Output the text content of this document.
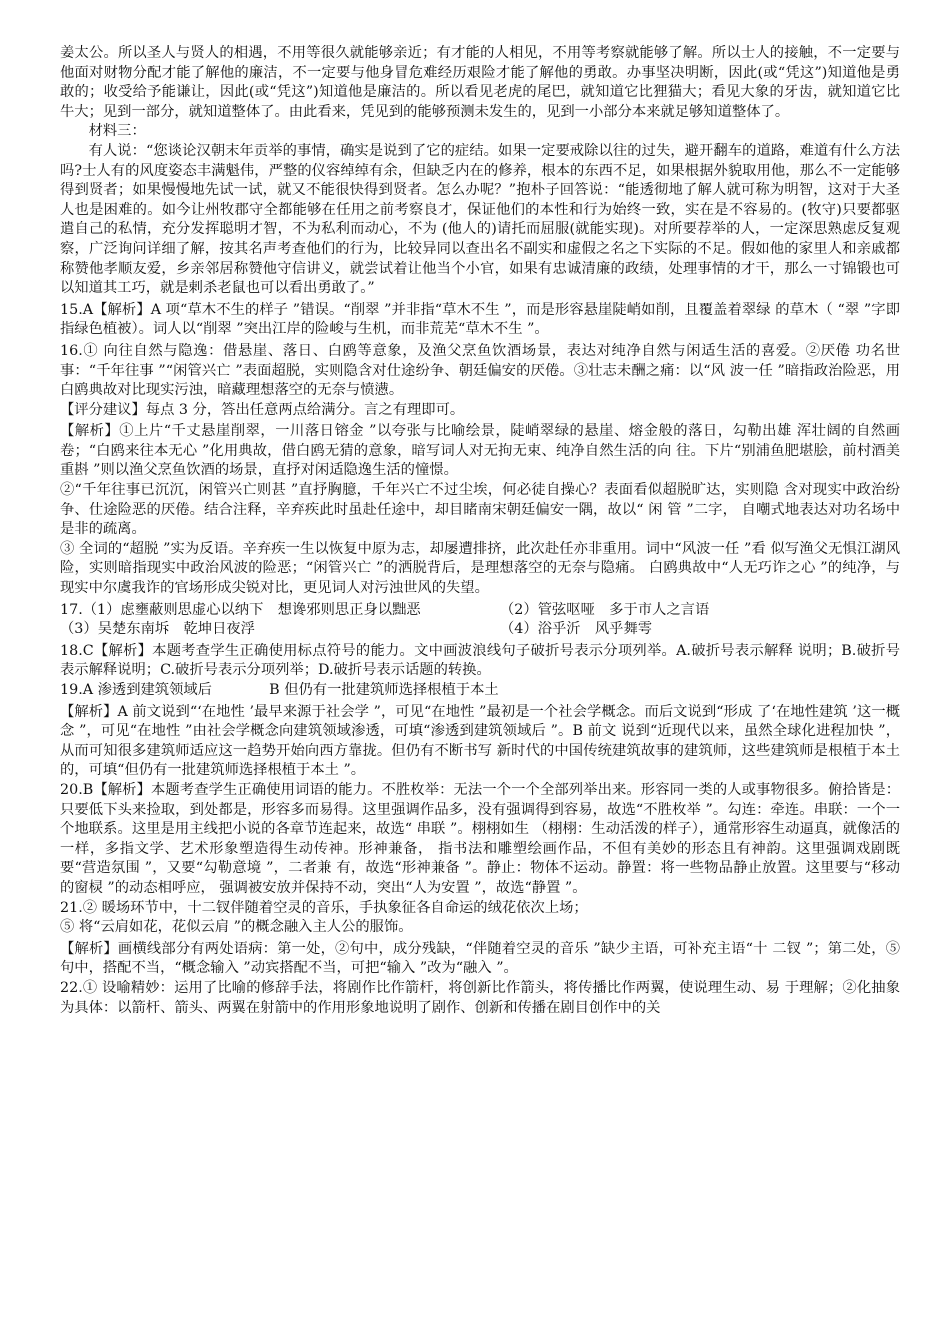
姜太公。所以圣人与贤人的相遇，不用等很久就能够亲近；有才能的人相见，不用等考察就能够了解。所以士人的接触，不一定要与他面对财物分配才能了解他的廉洁，不一定要与他身冒危难经历艰险才能了解他的勇敢。办事坚决明断，因此(或“凭这”)知道他是勇敢的；收受给予能谦让，因此(或“凭这”)知道他是廉洁的。所以看见老虎的尾巴，就知道它比狸猫大；看见大象的牙齿，就知道它比牛大；见到一部分，就知道整体了。由此看来，凭见到的能够预测未发生的，见到一小部分本来就足够知道整体了。

材料三：

有人说：“您谈论汉朝末年贡举的事情，确实是说到了它的症结。如果一定要戒除以往的过失，避开翻车的道路，难道有什么方法吗?士人有的风度姿态丰满魁伟，严整的仪容绰绰有余，但缺乏内在的修养，根本的东西不足，如果根据外貌取用他，那么不一定能够得到贤者；如果慢慢地先试一试，就又不能很快得到贤者。怎么办呢？”抱朴子回答说：“能透彻地了解人就可称为明智，这对于大圣人也是困难的。如今让州牧郡守全都能够在任用之前考察良才，保证他们的本性和行为始终一致，实在是不容易的。(牧守)只要都驱遣自己的私情，充分发挥聪明才智，不为私利而动心，不为 (他人的)请托而屈服(就能实现)。对所要荐举的人，一定深思熟虑反复观察，广泛询问详细了解，按其名声考查他们的行为，比较异同以查出名不副实和虚假之名之下实际的不足。假如他的家里人和亲戚都称赞他孝顺友爱，乡亲邻居称赞他守信讲义，就尝试着让他当个小官，如果有忠诚清廉的政绩，处理事情的才干，那么一寸锦锻也可以知道其工巧，就是剌杀老鼠也可以看出勇敢了。”

15.A【解析】A 项“草木不生的样子 ”错误。“削翠 ”并非指“草木不生 ”，而是形容悬崖陡峭如削，且覆盖着翠绿 的草木（ “翠 ”字即指绿色植被）。词人以“削翠 ”突出江岸的险峻与生机，而非荒芜“草木不生 ”。

16.① 向往自然与隐逸：借悬崖、落日、白鸥等意象，及渔父烹鱼饮酒场景，表达对纯净自然与闲适生活的喜爱。②厌倦 功名世事：“千年往事 ”“闲管兴亡 ”表面超脱，实则隐含对仕途纷争、朝廷偏安的厌倦。③壮志未酬之痛：以“风 波一任 ”暗指政治险恶，用白鸥典故对比现实污浊，暗藏理想落空的无奈与愤懑。

【评分建议】每点 3 分，答出任意两点给满分。言之有理即可。

【解析】①上片“千丈悬崖削翠，一川落日镕金 ”以夸张与比喻绘景，陡峭翠绿的悬崖、熔金般的落日，勾勒出雄 浑壮阔的自然画卷；“白鸥来往本无心 ”化用典故，借白鸥无猜的意象，暗写词人对无拘无束、纯净自然生活的向 往。下片“别浦鱼肥堪脍，前村酒美重斟 ”则以渔父烹鱼饮酒的场景，直抒对闲适隐逸生活的憧憬。

②“千年往事已沉沉，闲管兴亡则甚 ”直抒胸臆，千年兴亡不过尘埃，何必徒自操心？表面看似超脱旷达，实则隐 含对现实中政治纷争、仕途险恶的厌倦。结合注释，辛弃疾此时虽赴任途中，却目睹南宋朝廷偏安一隅，故以“ 闲 管 ”二字， 自嘲式地表达对功名场中是非的疏离。

③ 全词的“超脱 ”实为反语。辛弃疾一生以恢复中原为志，却屡遭排挤，此次赴任亦非重用。词中“风波一任 ”看 似写渔父无惧江湖风险，实则暗指现实中政治风波的险恶；“闲管兴亡 ”的洒脱背后，是理想落空的无奈与隐痛。 白鸥典故中“人无巧诈之心 ”的纯净，与现实中尔虞我诈的官场形成尖锐对比，更见词人对污浊世风的失望。

17.（1）虑壅蔽则思虚心以纳下　想谗邪则思正身以黜恶	（2）管弦呕哑　多于市人之言语
（3）吴楚东南坼　乾坤日夜浮	（4）浴乎沂　风乎舞雩

18.C【解析】本题考查学生正确使用标点符号的能力。文中画波浪线句子破折号表示分项列举。A.破折号表示解释 说明；B.破折号表示解释说明；C.破折号表示分项列举；D.破折号表示话题的转换。

19.A 渗透到建筑领域后　　　　B 但仍有一批建筑师选择根植于本土

【解析】A 前文说到“‘在地性 ’最早来源于社会学 ”，可见“在地性 ”最初是一个社会学概念。而后文说到“形成 了‘在地性建筑 ’这一概念 ”，可见“在地性 ”由社会学概念向建筑领域渗透，可填“渗透到建筑领域后 ”。B 前文 说到“近现代以来，虽然全球化进程加快 ”，从而可知很多建筑师适应这一趋势开始向西方靠拢。但仍有不断书写 新时代的中国传统建筑故事的建筑师，这些建筑师是根植于本土的，可填“但仍有一批建筑师选择根植于本土 ”。

20.B【解析】本题考查学生正确使用词语的能力。不胜枚举：无法一个一个全部列举出来。形容同一类的人或事物很多。俯拾皆是：只要低下头来捡取，到处都是，形容多而易得。这里强调作品多，没有强调得到容易，故选“不胜枚举 ”。勾连：牵连。串联：一个一个地联系。这里是用主线把小说的各章节连起来，故选“ 串联 ”。栩栩如生 （栩栩：生动活泼的样子），通常形容生动逼真，就像活的一样，多指文学、艺术形象塑造得生动传神。形神兼备， 指书法和雕塑绘画作品，不但有美妙的形态且有神韵。这里强调戏剧既要“营造氛围 ”，又要“勾勒意境 ”，二者兼 有，故选“形神兼备 ”。静止：物体不运动。静置：将一些物品静止放置。这里要与“移动的窗棂 ”的动态相呼应， 强调被安放并保持不动，突出“人为安置 ”，故选“静置 ”。

21.② 暖场环节中，十二钗伴随着空灵的音乐，手执象征各自命运的绒花依次上场；

⑤ 将“云肩如花，花似云肩 ”的概念融入主人公的服饰。

【解析】画横线部分有两处语病：第一处，②句中，成分残缺，“伴随着空灵的音乐 ”缺少主语，可补充主语“十 二钗 ”；第二处，⑤句中，搭配不当，“概念输入 ”动宾搭配不当，可把“输入 ”改为“融入 ”。

22.① 设喻精妙：运用了比喻的修辞手法，将剧作比作箭杆，将创新比作箭头，将传播比作两翼，使说理生动、易 于理解；②化抽象为具体：以箭杆、箭头、两翼在射箭中的作用形象地说明了剧作、创新和传播在剧目创作中的关
